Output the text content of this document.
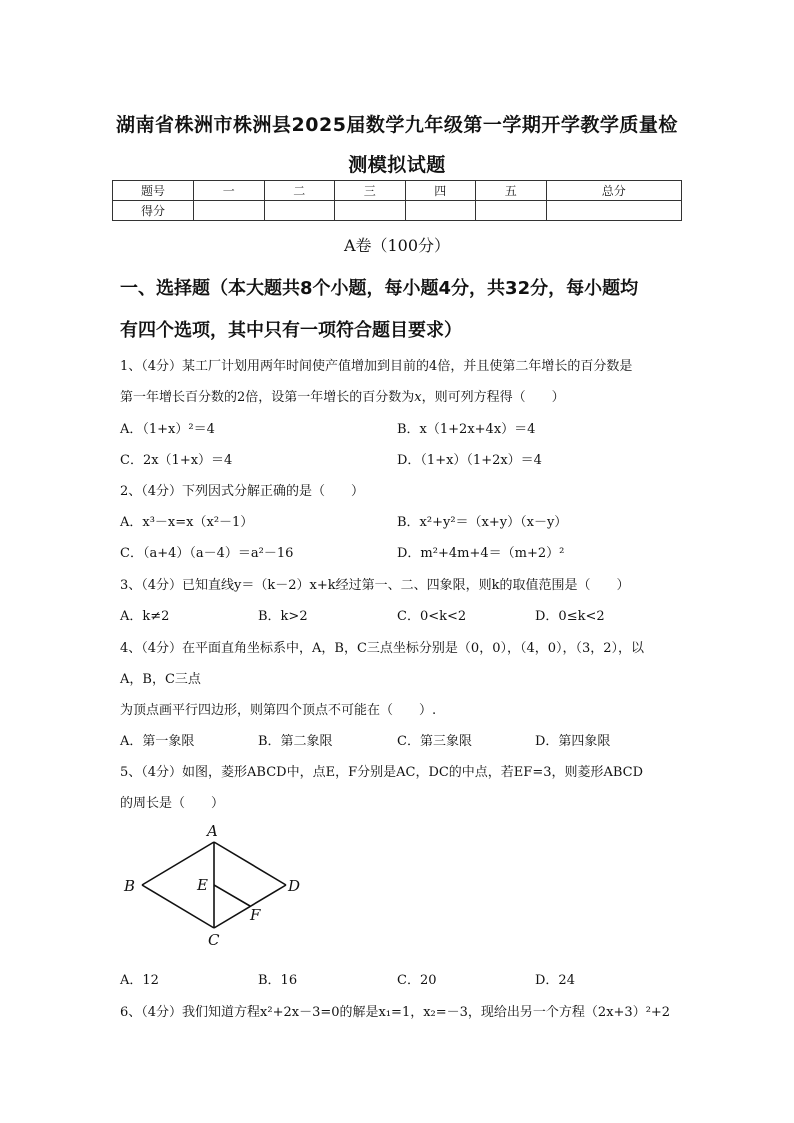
湖南省株洲市株洲县2025届数学九年级第一学期开学教学质量检
测模拟试题
题号	一	二	三	四	五	总分
得分						
A卷（100分）
一、选择题（本大题共8个小题，每小题4分，共32分，每小题均
有四个选项，其中只有一项符合题目要求）
1、（4分）某工厂计划用两年时间使产值增加到目前的4倍，并且使第二年增长的百分数是
第一年增长百分数的2倍，设第一年增长的百分数为x，则可列方程得（　　）
A．（1+x）²＝4	B．x（1+2x+4x）＝4
C．2x（1+x）＝4	D．（1+x）（1+2x）＝4
2、（4分）下列因式分解正确的是（　　）
A．x³－x=x（x²－1）	B．x²+y²＝（x+y）（x－y）
C．（a+4）（a－4）＝a²－16	D．m²+4m+4＝（m+2）²
3、（4分）已知直线y＝（k－2）x+k经过第一、二、四象限，则k的取值范围是（　　）
A．k≠2	B．k>2	C．0<k<2	D．0≤k<2
4、（4分）在平面直角坐标系中，A，B，C三点坐标分别是（0，0），（4，0），（3，2），以
A，B，C三点
为顶点画平行四边形，则第四个顶点不可能在（　　）.
A．第一象限	B．第二象限	C．第三象限	D．第四象限
5、（4分）如图，菱形ABCD中，点E，F分别是AC，DC的中点，若EF=3，则菱形ABCD
的周长是（　　）
A
B
C
D
E
F
A．12	B．16	C．20	D．24
6、（4分）我们知道方程x²+2x－3=0的解是x₁=1，x₂=－3，现给出另一个方程（2x+3）²+2
